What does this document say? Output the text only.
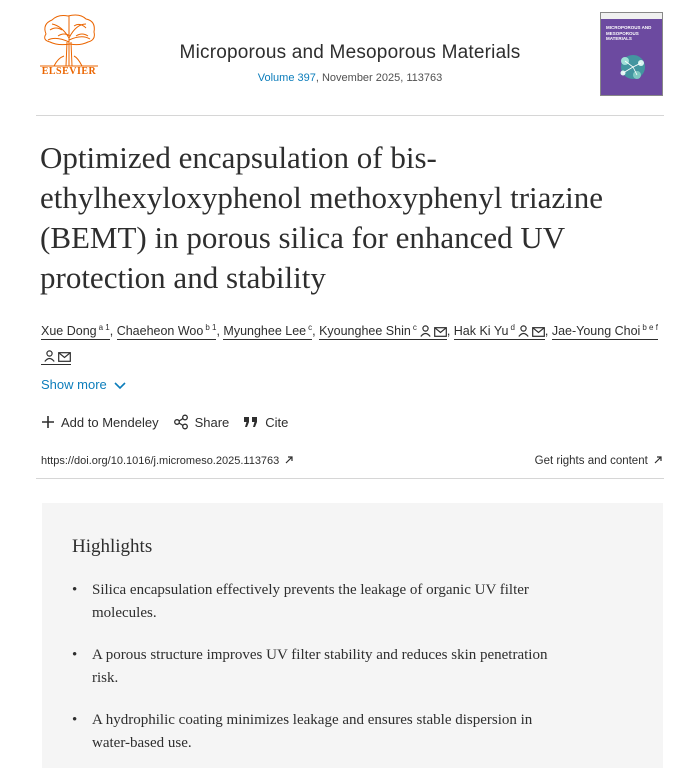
ELSEVIER
Microporous and Mesoporous Materials
Volume 397, November 2025, 113763
MICROPOROUS AND MESOPOROUS MATERIALS
Optimized encapsulation of bis-ethylhexyloxyphenol methoxyphenyl triazine (BEMT) in porous silica for enhanced UV protection and stability
Xue Dong $^{a 1}$, Chaeheon Woo $^{b 1}$, Myunghee Lee $^c$, Kyounghee Shin $^c$ , Hak Ki Yu $^d$ , Jae-Young Choi $^{b e f}$
Show more
Add to Mendeley	Share	Cite
https://doi.org/10.1016/j.micromeso.2025.113763	Get rights and content
Highlights
• Silica encapsulation effectively prevents the leakage of organic UV filter molecules.
• A porous structure improves UV filter stability and reduces skin penetration risk.
• A hydrophilic coating minimizes leakage and ensures stable dispersion in water-based use.
